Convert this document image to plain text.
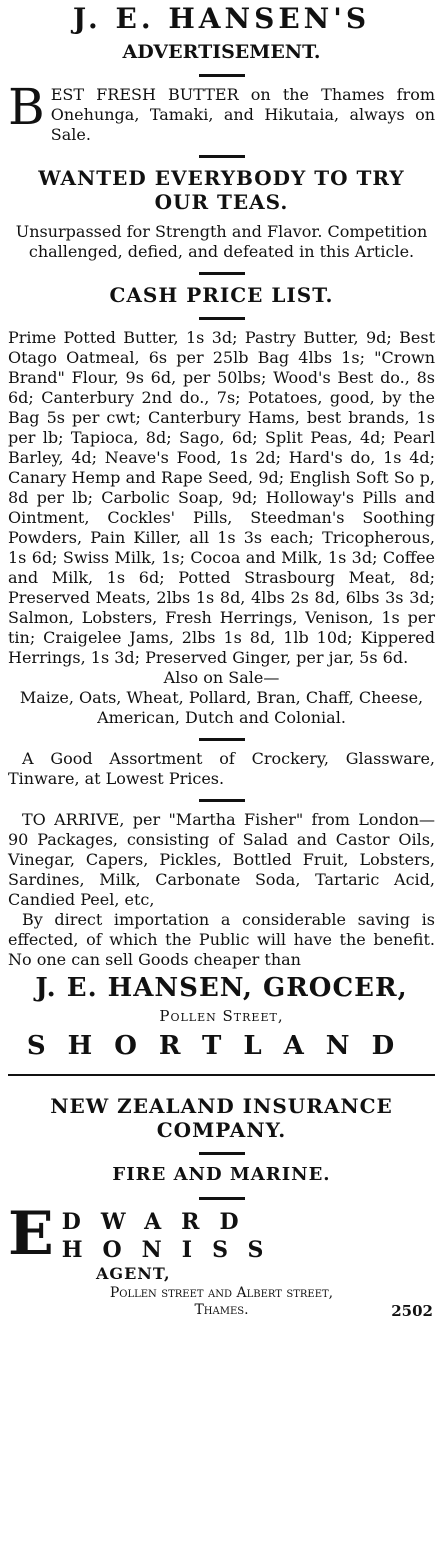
J. E. HANSEN'S
ADVERTISEMENT.
B EST FRESH BUTTER on the Thames from Onehunga, Tamaki, and Hikutaia, always on Sale.

WANTED EVERYBODY TO TRY OUR TEAS.

Unsurpassed for Strength and Flavor. Competition challenged, defied, and defeated in this Article.

CASH PRICE LIST.

Prime Potted Butter, 1s 3d; Pastry Butter, 9d; Best Otago Oatmeal, 6s per 25lb Bag 4lbs 1s; "Crown Brand" Flour, 9s 6d, per 50lbs; Wood's Best do., 8s 6d; Canterbury 2nd do., 7s; Potatoes, good, by the Bag 5s per cwt; Canterbury Hams, best brands, 1s per lb; Tapioca, 8d; Sago, 6d; Split Peas, 4d; Pearl Barley, 4d; Neave's Food, 1s 2d; Hard's do, 1s 4d; Canary Hemp and Rape Seed, 9d; English Soft So p, 8d per lb; Carbolic Soap, 9d; Holloway's Pills and Ointment, Cockles' Pills, Steedman's Soothing Powders, Pain Killer, all 1s 3s each; Tricopherous, 1s 6d; Swiss Milk, 1s; Cocoa and Milk, 1s 3d; Coffee and Milk, 1s 6d; Potted Strasbourg Meat, 8d; Preserved Meats, 2lbs 1s 8d, 4lbs 2s 8d, 6lbs 3s 3d; Salmon, Lobsters, Fresh Herrings, Venison, 1s per tin; Craigelee Jams, 2lbs 1s 8d, 1lb 10d; Kippered Herrings, 1s 3d; Preserved Ginger, per jar, 5s 6d.

Also on Sale—

Maize, Oats, Wheat, Pollard, Bran, Chaff, Cheese, American, Dutch and Colonial.

A Good Assortment of Crockery, Glassware, Tinware, at Lowest Prices.

TO ARRIVE, per "Martha Fisher" from London—90 Packages, consisting of Salad and Castor Oils, Vinegar, Capers, Pickles, Bottled Fruit, Lobsters, Sardines, Milk, Carbonate Soda, Tartaric Acid, Candied Peel, etc,

By direct importation a considerable saving is effected, of which the Public will have the benefit. No one can sell Goods cheaper than

J. E. HANSEN, GROCER,

Pollen Street,

SHORTLAND

NEW ZEALAND INSURANCE COMPANY.

FIRE AND MARINE.

E DWARD HONISS
AGENT,
Pollen street and Albert street,
Thames.	2502
